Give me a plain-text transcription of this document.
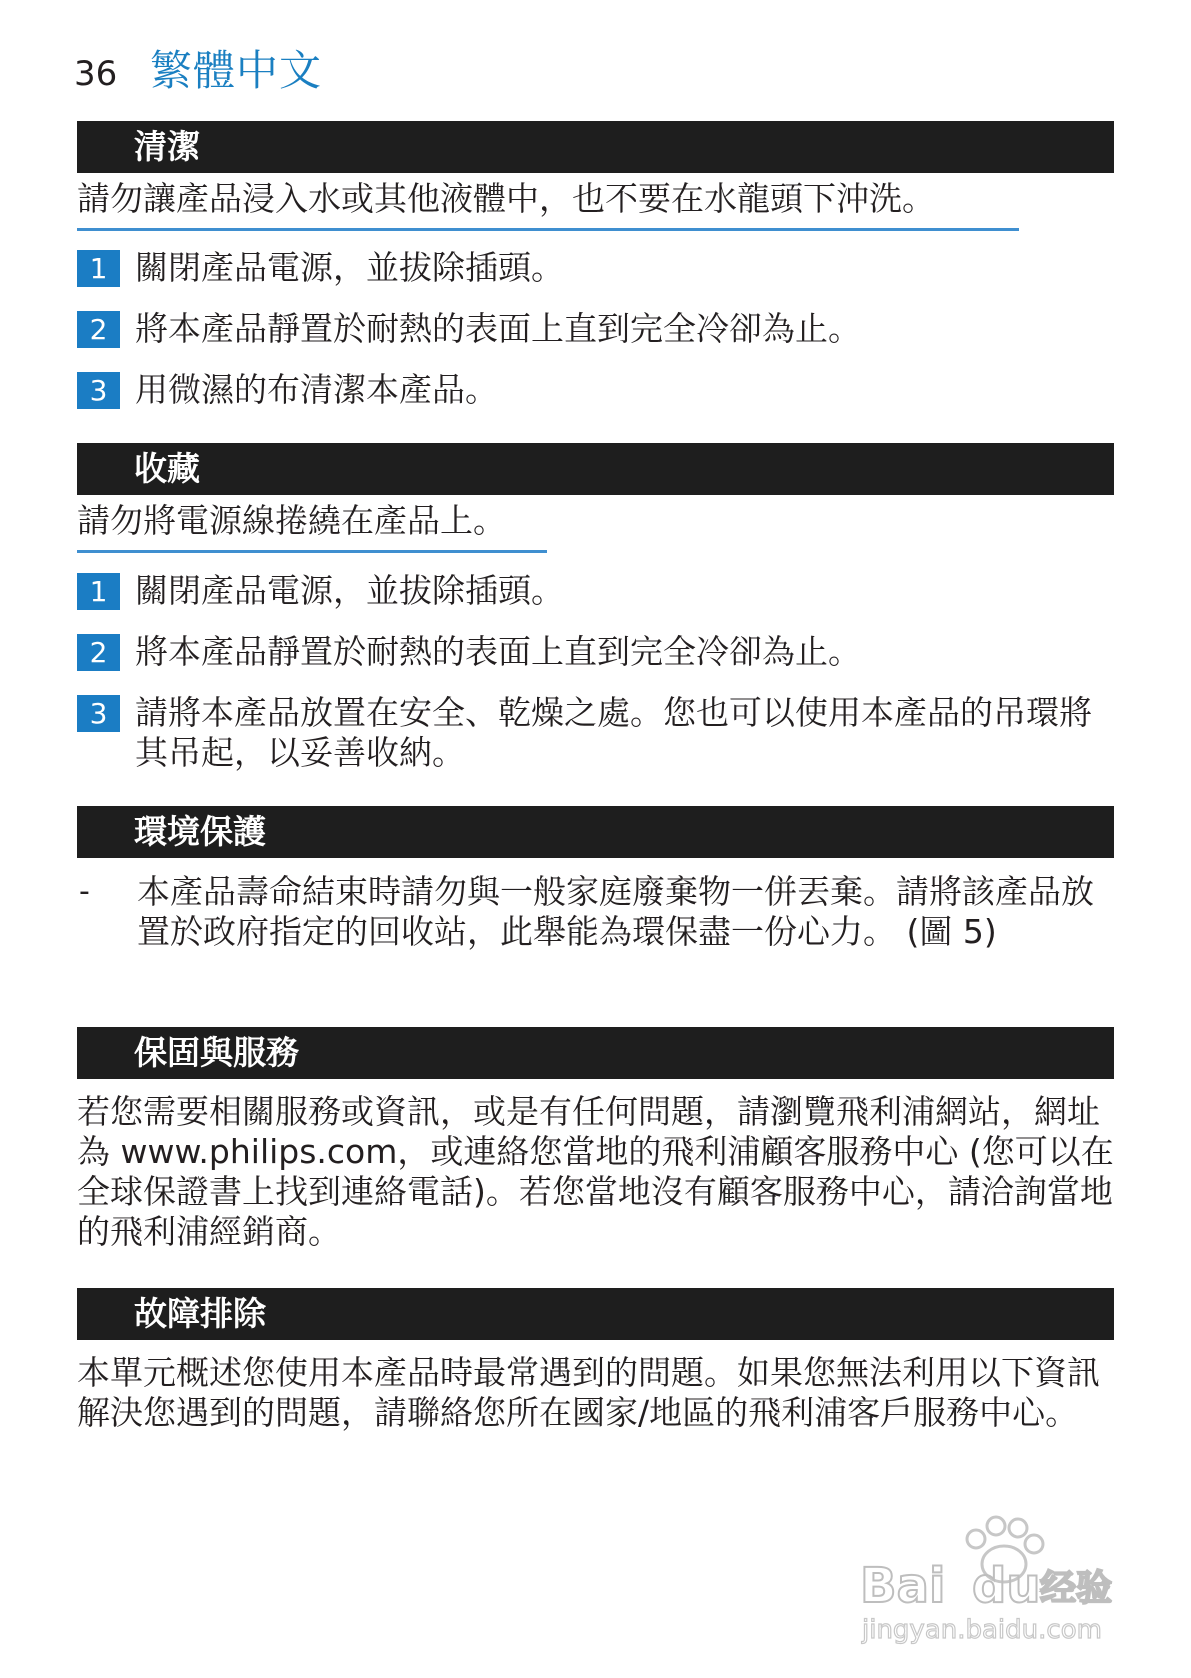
36 繁體中文
清潔
請勿讓產品浸入水或其他液體中，也不要在水龍頭下沖洗。
1 關閉產品電源，並拔除插頭。
2 將本產品靜置於耐熱的表面上直到完全冷卻為止。
3 用微濕的布清潔本產品。
收藏
請勿將電源線捲繞在產品上。
1 關閉產品電源，並拔除插頭。
2 將本產品靜置於耐熱的表面上直到完全冷卻為止。
3 請將本產品放置在安全、乾燥之處。您也可以使用本產品的吊環將其吊起，以妥善收納。
環境保護
-	本產品壽命結束時請勿與一般家庭廢棄物一併丟棄。請將該產品放置於政府指定的回收站，此舉能為環保盡一份心力。 (圖 5)
保固與服務
若您需要相關服務或資訊，或是有任何問題，請瀏覽飛利浦網站，網址為 www.philips.com，或連絡您當地的飛利浦顧客服務中心 (您可以在全球保證書上找到連絡電話)。若您當地沒有顧客服務中心，請洽詢當地的飛利浦經銷商。
故障排除
本單元概述您使用本產品時最常遇到的問題。如果您無法利用以下資訊解決您遇到的問題，請聯絡您所在國家/地區的飛利浦客戶服務中心。
Bai du 经验
jingyan.baidu.com
